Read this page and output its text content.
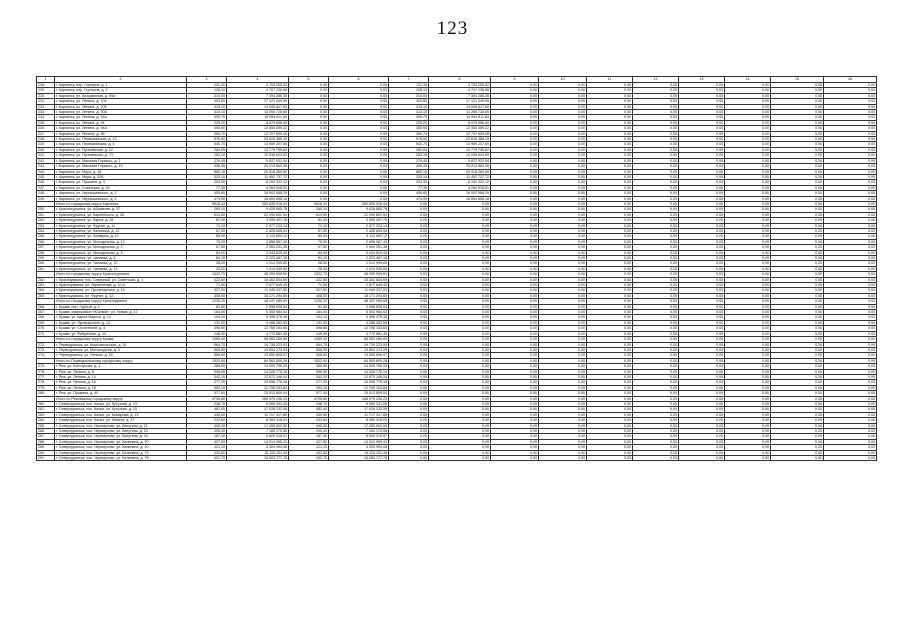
123
1	2	3	4	5	6	7	8	9	10	11	12	13	14	15	16
228.	г. Карпинск, пер. Горняков, д. 1	131,30	4 703 255,52	0,00	0,00	131,30	4 703 255,52	0,00	0,00	0,00	0,00	0,00	0,00	0,00	0,00
229.	г. Карпинск, пер. Горняков, д. 3	128,10	4 707 236,68	0,00	0,00	128,10	4 707 236,68	0,00	0,00	0,00	0,00	0,00	0,00	0,00	0,00
230.	г. Карпинск, ул. Безымянная, д. 95а	210,00	7 394 286,35	0,00	0,00	210,00	7 394 286,35	0,00	0,00	0,00	0,00	0,00	0,00	0,00	0,00
231.	г. Карпинск, ул. Ленина, д. 104	403,80	17 121 349,59	0,00	0,00	403,80	17 121 349,59	0,00	0,00	0,00	0,00	0,00	0,00	0,00	0,00
232.	г. Карпинск, ул. Ленина, д. 106	415,10	14 545 617,60	0,00	0,00	415,10	14 545 617,60	0,00	0,00	0,00	0,00	0,00	0,00	0,00	0,00
233.	г. Карпинск, ул. Ленина, д. 90А	313,10	11 266 728,65	0,00	0,00	313,10	11 266 728,65	0,00	0,00	0,00	0,00	0,00	0,00	0,00	0,00
234.	г. Карпинск, ул. Ленина, д. 92А	309,70	10 954 811,84	0,00	0,00	309,70	10 954 811,84	0,00	0,00	0,00	0,00	0,00	0,00	0,00	0,00
235.	г. Карпинск, ул. Ленина, д. 94	229,20	8 075 656,49	0,00	0,00	229,20	8 075 656,49	0,00	0,00	0,00	0,00	0,00	0,00	0,00	0,00
236.	г. Карпинск, ул. Ленина, д. 94А	350,60	12 353 459,22	0,00	0,00	350,60	12 353 459,22	0,00	0,00	0,00	0,00	0,00	0,00	0,00	0,00
237.	г. Карпинск, ул. Ленина, д. 96	360,70	12 707 609,28	0,00	0,00	360,70	12 707 609,28	0,00	0,00	0,00	0,00	0,00	0,00	0,00	0,00
238.	г. Карпинск, ул. Первомайская, д. 13	576,60	20 615 386,15	0,00	0,00	576,60	20 615 386,15	0,00	0,00	0,00	0,00	0,00	0,00	0,00	0,00
239.	г. Карпинск, ул. Первомайская, д. 5	540,70	13 989 207,65	0,00	0,00	540,70	13 989 207,65	0,00	0,00	0,00	0,00	0,00	0,00	0,00	0,00
240.	г. Карпинск, ул. Пугачёвская, д. 12	280,05	10 779 759,62	0,00	0,00	280,05	10 779 759,62	0,00	0,00	0,00	0,00	0,00	0,00	0,00	0,00
241.	г. Карпинск, ул. Пугачёвская, д. 73	283,10	10 038 624,00	0,00	0,00	283,10	10 038 624,00	0,00	0,00	0,00	0,00	0,00	0,00	0,00	0,00
242.	г. Карпинск, ул. Максима Горького, д. 1	279,40	9 837 931,94	0,00	0,00	279,40	9 837 931,94	0,00	0,00	0,00	0,00	0,00	0,00	0,00	0,00
243.	г. Карпинск, ул. Максима Горького, д. 19	495,35	25 213 863,36	0,00	0,00	495,35	25 213 863,36	0,00	0,00	0,00	0,00	0,00	0,00	0,00	0,00
244.	г. Карпинск, ул. Мира, д. 18	860,10	20 918 280,60	0,00	0,00	860,10	20 918 280,60	0,00	0,00	0,00	0,00	0,00	0,00	0,00	0,00
245.	г. Карпинск, ул. Мира, д. 32А	325,10	11 452 737,72	0,00	0,00	325,10	11 452 737,72	0,00	0,00	0,00	0,00	0,00	0,00	0,00	0,00
246.	г. Карпинск, ул. Пушкина, д. 3	203,30	8 100 322,12	0,00	0,00	203,30	8 100 322,12	0,00	0,00	0,00	0,00	0,00	0,00	0,00	0,00
247.	г. Карпинск, ул. Советская, д. 39	77,30	4 264 916,51	0,00	0,00	77,30	4 264 916,51	0,00	0,00	0,00	0,00	0,00	0,00	0,00	0,00
248.	г. Карпинск, ул. Чернышевского, д. 2	459,80	16 902 988,29	0,00	0,00	459,80	16 902 988,29	0,00	0,00	0,00	0,00	0,00	0,00	0,00	0,00
249.	г. Карпинск, ул. Чернышевского, д. 4	473,90	16 894 658,18	0,00	0,00	473,90	16 894 658,18	0,00	0,00	0,00	0,00	0,00	0,00	0,00	0,00
	Итого по городскому округу Карпинск	9518,44	350 835 916,44	9518,44	350 835 916,44	0,00	0,00	0,00	0,00	0,00	0,00	0,00	0,00	0,00	0,00
250.	г. Краснотурьинск, ул. Абрамова, д. 37	260,10	9 428 665,78	260,10	9 428 665,78	0,00	0,00	0,00	0,00	0,00	0,00	0,00	0,00	0,00	0,00
251.	г. Краснотурьинск, ул. Карпинского, д. 38	613,50	22 290 602,54	613,50	22 290 602,54	0,00	0,00	0,00	0,00	0,00	0,00	0,00	0,00	0,00	0,00
252.	г. Краснотурьинск, ул. Карла, д. 28	81,30	3 059 497,76	81,30	3 059 497,76	0,00	0,00	0,00	0,00	0,00	0,00	0,00	0,00	0,00	0,00
253.	г. Краснотурьинск, ул. Фрунзе, д. 11	71,10	2 577 223,14	71,10	2 577 223,14	0,00	0,00	0,00	0,00	0,00	0,00	0,00	0,00	0,00	0,00
254.	г. Краснотурьинск, ул. Калинина, д. 12	67,00	2 428 605,94	67,00	2 428 605,94	0,00	0,00	0,00	0,00	0,00	0,00	0,00	0,00	0,00	0,00
255.	г. Краснотурьинск, ул. Коммуны, д. 10	85,90	3 113 690,12	85,90	3 113 690,12	0,00	0,00	0,00	0,00	0,00	0,00	0,00	0,00	0,00	0,00
256.	г. Краснотурьинск, ул. Молодежная, д. 12	75,30	2 656 967,40	75,30	2 656 967,40	0,00	0,00	0,00	0,00	0,00	0,00	0,00	0,00	0,00	0,00
257.	г. Краснотурьинск, ул. Молодежная, д. 2	57,50	2 084 251,38	57,50	2 084 251,38	0,00	0,00	0,00	0,00	0,00	0,00	0,00	0,00	0,00	0,00
258.	г. Краснотурьинск, ул. Молодежная, д. 8	84,00	3 044 819,40	84,00	3 044 819,40	0,00	0,00	0,00	0,00	0,00	0,00	0,00	0,00	0,00	0,00
259.	г. Краснотурьинск, ул. Чапаева, д. 6	64,10	2 323 487,16	64,10	2 323 487,16	0,00	0,00	0,00	0,00	0,00	0,00	0,00	0,00	0,00	0,00
260.	г. Краснотурьинск, ул. Чапаева, д. 10	28,00	1 014 939,80	28,00	1 014 939,80	0,00	0,00	0,00	0,00	0,00	0,00	0,00	0,00	0,00	0,00
261.	г. Краснотурьинск, ул. Чапаева, д. 13	28,00	1 014 939,80	28,00	1 014 939,80	0,00	0,00	0,00	0,00	0,00	0,00	0,00	0,00	0,00	0,00
	Итого по городскому округу Краснотурьинск	1532,70	48 395 999,60	1532,70	48 395 999,60	0,00	0,00	0,00	0,00	0,00	0,00	0,00	0,00	0,00	0,00
262.	г. Красноуфимск, пос. Северный, ул. Советская, д. 1	422,80	15 402 804,69	422,80	15 402 804,69	0,00	0,00	0,00	0,00	0,00	0,00	0,00	0,00	0,00	0,00
263.	г. Красноуфимск, ул. Лермонтова, д. 10 А	71,50	2 677 649,40	71,50	2 677 649,40	0,00	0,00	0,00	0,00	0,00	0,00	0,00	0,00	0,00	0,00
264.	г. Красноуфимск, ул. Пролетарская, д. 14	327,90	11 945 337,00	327,90	11 945 337,00	0,00	0,00	0,00	0,00	0,00	0,00	0,00	0,00	0,00	0,00
265.	г. Красноуфимск, ул. Фрунзе, д. 12	408,00	18 171 294,60	408,00	18 171 294,60	0,00	0,00	0,00	0,00	0,00	0,00	0,00	0,00	0,00	0,00
	Итого по городскому округу Красноуфимск	1230,20	48 197 085,69	1230,20	48 197 085,69	0,00	0,00	0,00	0,00	0,00	0,00	0,00	0,00	0,00	0,00
266.	г. Кушва, пер. Горный, д. 1	81,80	2 996 928,54	81,80	2 996 928,54	0,00	0,00	0,00	0,00	0,00	0,00	0,00	0,00	0,00	0,00
267.	г. Кушва, микрорайон «Южный», ул. Новая, д. 12	164,00	5 353 984,62	164,00	5 353 984,62	0,00	0,00	0,00	0,00	0,00	0,00	0,00	0,00	0,00	0,00
268.	г. Кушва, ул. Карла Маркса, д. 14	104,10	3 398 478,38	104,10	3 398 478,38	0,00	0,00	0,00	0,00	0,00	0,00	0,00	0,00	0,00	0,00
269.	г. Кушва, ул. Луначарского, д. 13	131,20	4 286 452,53	131,20	4 286 452,53	0,00	0,00	0,00	0,00	0,00	0,00	0,00	0,00	0,00	0,00
270.	г. Кушва, ул. Строителей, д. 4	398,80	12 758 153,60	398,80	12 758 153,60	0,00	0,00	0,00	0,00	0,00	0,00	0,00	0,00	0,00	0,00
271.	г. Кушва, ул. Фабричная, д. 14	146,30	4 772 881,40	146,30	4 772 881,40	0,00	0,00	0,00	0,00	0,00	0,00	0,00	0,00	0,00	0,00
	Итого по городскому округу Кушва	1089,40	58 963 286,69	1089,40	58 963 286,69	0,00	0,00	0,00	0,00	0,00	0,00	0,00	0,00	0,00	0,00
272.	г. Первоуральск, ул. Комсомольская, д. 16	564,70	19 739 223,93	564,70	19 739 223,93	0,00	0,00	0,00	0,00	0,00	0,00	0,00	0,00	0,00	0,00
273.	г. Первоуральск, ул. Металлургов, д. 3	565,90	19 604 173,29	565,90	19 604 173,29	0,00	0,00	0,00	0,00	0,00	0,00	0,00	0,00	0,00	0,00
274.	г. Первоуральск, ул. Ленина, д. 15	558,80	19 650 896,07	558,80	19 650 896,07	0,00	0,00	0,00	0,00	0,00	0,00	0,00	0,00	0,00	0,00
	Итого по Первоуральскому городскому округу	1532,90	84 563 809,26	1532,90	84 563 809,26	0,00	0,00	0,00	0,00	0,00	0,00	0,00	0,00	0,00	0,00
275.	г. Реж, ул. Костоусова, д. 1	386,50	14 009 796,05	386,50	14 009 796,05	0,00	0,00	0,00	0,00	0,00	0,00	0,00	0,00	0,00	0,00
276.	г. Реж, ул. Ленина, д. 5	395,50	14 328 775,10	395,50	14 328 775,10	0,00	0,00	0,00	0,00	0,00	0,00	0,00	0,00	0,00	0,00
277.	г. Реж, ул. Ленина, д. 14	342,10	12 672 146,04	342,10	12 672 146,04	0,00	0,00	0,00	0,00	0,00	0,00	0,00	0,00	0,00	0,00
278.	г. Реж, ул. Ленина, д. 16	277,20	10 058 778,18	277,20	10 058 778,18	0,00	0,00	0,00	0,00	0,00	0,00	0,00	0,00	0,00	0,00
279.	г. Реж, ул. Ленина, д. 18	353,10	12 795 153,84	353,10	12 795 153,84	0,00	0,00	0,00	0,00	0,00	0,00	0,00	0,00	0,00	0,00
280.	г. Реж, ул. Пушкина, д. 40	577,00	20 913 809,04	577,00	20 913 809,04	0,00	0,00	0,00	0,00	0,00	0,00	0,00	0,00	0,00	0,00
	Итого по Режевскому городскому округу	4705,80	168 975 236,23	4705,80	168 975 236,23	0,00	0,00	0,00	0,00	0,00	0,00	0,00	0,00	0,00	0,00
281.	г. Североуральск, пос. Калья, ул. Кутузова, д. 13	248,70	9 069 341,05	248,70	9 069 341,05	0,00	0,00	0,00	0,00	0,00	0,00	0,00	0,00	0,00	0,00
282.	г. Североуральск, пос. Калья, ул. Кутузова, д. 15	482,40	17 028 132,06	482,40	17 028 132,06	0,00	0,00	0,00	0,00	0,00	0,00	0,00	0,00	0,00	0,00
283.	г. Североуральск, пос. Калья, ул. Комарова, д. 19	330,50	11 717 317,80	330,50	11 717 317,80	0,00	0,00	0,00	0,00	0,00	0,00	0,00	0,00	0,00	0,00
284.	г. Североуральск, пос. Калья, ул. Ленина, д. 37	232,60	8 359 318,03	232,60	8 359 318,03	0,00	0,00	0,00	0,00	0,00	0,00	0,00	0,00	0,00	0,00
285.	г. Североуральск, пос. Черемухово, ул. Ватутина, д. 21	495,30	17 265 902,50	495,30	17 265 902,50	0,00	0,00	0,00	0,00	0,00	0,00	0,00	0,00	0,00	0,00
286.	г. Североуральск, пос. Черемухово, ул. Ватутина, д. 23	205,40	7 160 175,56	205,40	7 160 175,56	0,00	0,00	0,00	0,00	0,00	0,00	0,00	0,00	0,00	0,00
287.	г. Североуральск, пос. Черемухово, ул. Ватутина, д. 34	187,30	6 529 215,57	187,30	6 529 215,57	0,00	0,00	0,00	0,00	0,00	0,00	0,00	0,00	0,00	0,00
288.	г. Североуральск, пос. Черемухово, ул. Калинина, д. 20	427,80	14 912 965,41	427,80	14 912 965,41	0,00	0,00	0,00	0,00	0,00	0,00	0,00	0,00	0,00	0,00
289.	г. Североуральск, пос. Черемухово, ул. Калинина, д. 10	121,10	4 304 394,08	121,10	4 304 394,08	0,00	0,00	0,00	0,00	0,00	0,00	0,00	0,00	0,00	0,00
290.	г. Североуральск, пос. Черемухово, ул. Калинина, д. 75	432,60	15 115 151,49	432,60	15 115 151,49	0,00	0,00	0,00	0,00	0,00	0,00	0,00	0,00	0,00	0,00
291.	г. Североуральск, пос. Черемухово, ул. Калинина, д. 78	432,70	15 083 777,78	432,70	15 083 777,78	0,00	0,00	0,00	0,00	0,00	0,00	0,00	0,00	0,00	0,00
